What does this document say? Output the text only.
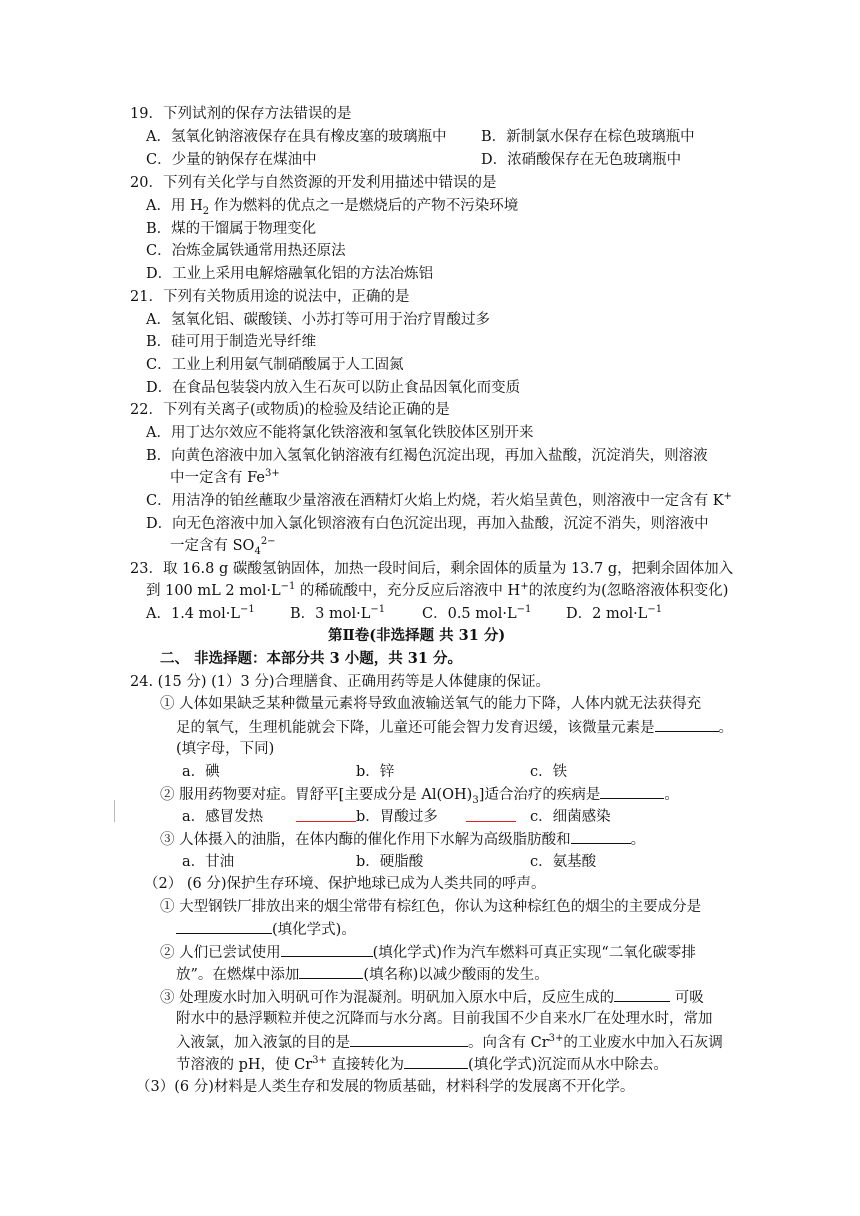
19．下列试剂的保存方法错误的是
A．氢氧化钠溶液保存在具有橡皮塞的玻璃瓶中 B．新制氯水保存在棕色玻璃瓶中
C．少量的钠保存在煤油中	D．浓硝酸保存在无色玻璃瓶中
20．下列有关化学与自然资源的开发利用描述中错误的是
A．用 $H_2$ 作为燃料的优点之一是燃烧后的产物不污染环境
B．煤的干馏属于物理变化
C．冶炼金属铁通常用热还原法
D．工业上采用电解熔融氧化铝的方法冶炼铝
21．下列有关物质用途的说法中，正确的是
A．氢氧化铝、碳酸镁、小苏打等可用于治疗胃酸过多
B．硅可用于制造光导纤维
C．工业上利用氨气制硝酸属于人工固氮
D．在食品包装袋内放入生石灰可以防止食品因氧化而变质
22．下列有关离子(或物质)的检验及结论正确的是
A．用丁达尔效应不能将氯化铁溶液和氢氧化铁胶体区别开来
B．向黄色溶液中加入氢氧化钠溶液有红褐色沉淀出现，再加入盐酸，沉淀消失，则溶液
中一定含有 $Fe^{3+}$
C．用洁净的铂丝蘸取少量溶液在酒精灯火焰上灼烧，若火焰呈黄色，则溶液中一定含有 K+
D．向无色溶液中加入氯化钡溶液有白色沉淀出现，再加入盐酸，沉淀不消失，则溶液中
一定含有 $SO_4^{2-}$
23．取 16.8 g 碳酸氢钠固体，加热一段时间后，剩余固体的质量为 13.7 g，把剩余固体加入
到 100 mL 2 $mol\cdot L^{-1}$ 的稀硫酸中，充分反应后溶液中 H+的浓度约为(忽略溶液体积变化)
A．1.4 $mol\cdot L^{-1}$ B．3 $mol\cdot L^{-1}$	C．0.5 $mol\cdot L^{-1}$ D．2 $mol\cdot L^{-1}$
第Ⅱ卷(非选择题 共 31 分)
二、 非选择题：本部分共 3 小题，共 31 分。
24. (15 分) (1）3 分)合理膳食、正确用药等是人体健康的保证。
① 人体如果缺乏某种微量元素将导致血液输送氧气的能力下降，人体内就无法获得充
足的氧气，生理机能就会下降，儿童还可能会智力发育迟缓，该微量元素是	。
(填字母，下同)
a．碘	b．锌	c．铁
② 服用药物要对症。胃舒平[主要成分是 $Al(OH)_3$]适合治疗的疾病是	。
a．感冒发热	b．胃酸过多	c．细菌感染
③ 人体摄入的油脂，在体内酶的催化作用下水解为高级脂肪酸和	。
a．甘油	b．硬脂酸	c．氨基酸
（2） (6 分)保护生存环境、保护地球已成为人类共同的呼声。
① 大型钢铁厂排放出来的烟尘常带有棕红色，你认为这种棕红色的烟尘的主要成分是
(填化学式)。
② 人们已尝试使用	(填化学式)作为汽车燃料可真正实现“二氧化碳零排
放”。在燃煤中添加	(填名称)以减少酸雨的发生。
③ 处理废水时加入明矾可作为混凝剂。明矾加入原水中后，反应生成的	可吸
附水中的悬浮颗粒并使之沉降而与水分离。目前我国不少自来水厂在处理水时，常加
入液氯，加入液氯的目的是	。向含有 $Cr^{3+}$的工业废水中加入石灰调
节溶液的 pH，使 $Cr^{3+}$ 直接转化为	(填化学式)沉淀而从水中除去。
（3）(6 分)材料是人类生存和发展的物质基础，材料科学的发展离不开化学。
